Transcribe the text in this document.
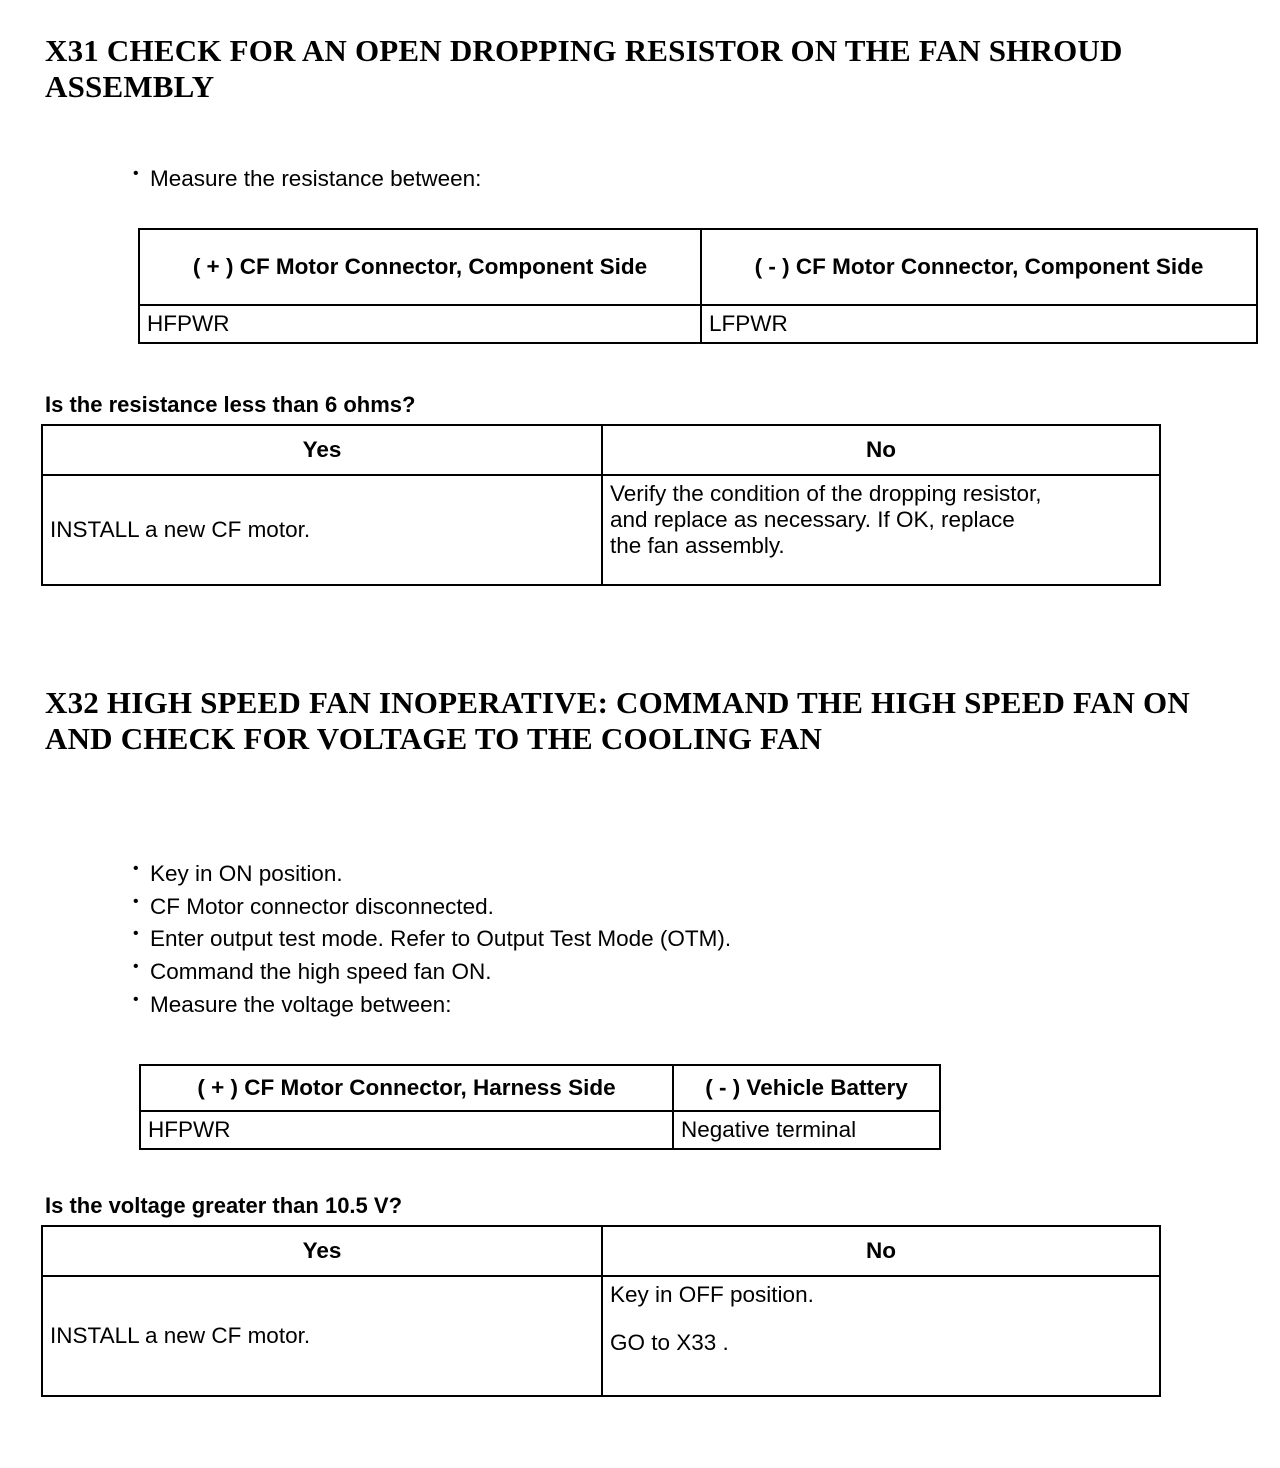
X31 CHECK FOR AN OPEN DROPPING RESISTOR ON THE FAN SHROUD ASSEMBLY
• Measure the resistance between:
( + ) CF Motor Connector, Component Side	( - ) CF Motor Connector, Component Side
HFPWR	LFPWR

Is the resistance less than 6 ohms?

Yes	No
INSTALL a new CF motor.	Verify the condition of the dropping resistor,
and replace as necessary. If OK, replace
the fan assembly.
X32 HIGH SPEED FAN INOPERATIVE: COMMAND THE HIGH SPEED FAN ON AND CHECK FOR VOLTAGE TO THE COOLING FAN
• Key in ON position.
• CF Motor connector disconnected.
• Enter output test mode. Refer to Output Test Mode (OTM).
• Command the high speed fan ON.
• Measure the voltage between:
( + ) CF Motor Connector, Harness Side	( - ) Vehicle Battery
HFPWR	Negative terminal

Is the voltage greater than 10.5 V?

Yes	No
INSTALL a new CF motor.	Key in OFF position.

GO to X33 .
